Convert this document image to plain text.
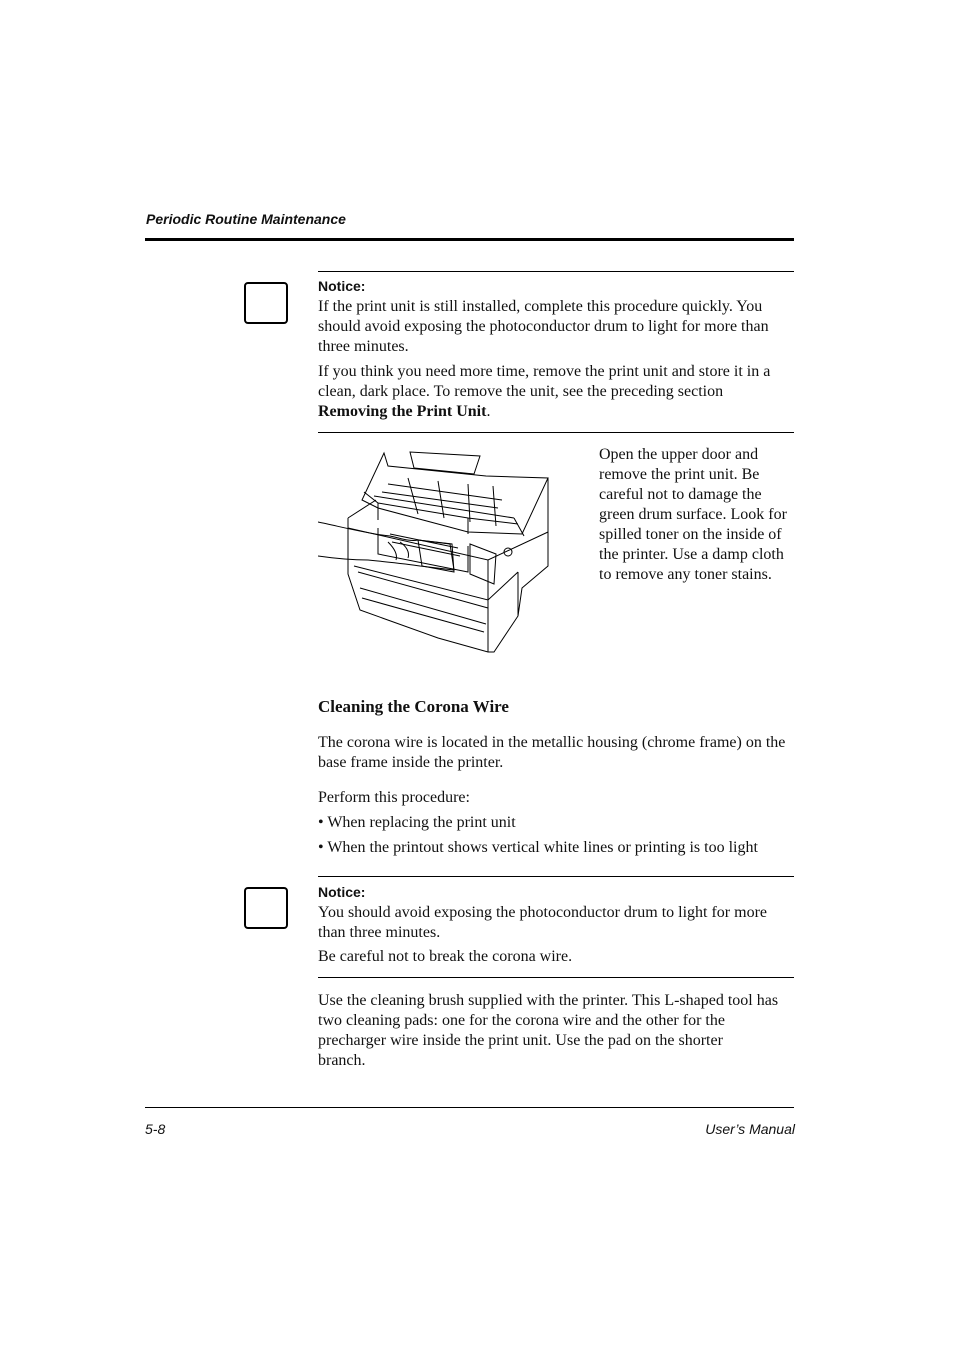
Periodic Routine Maintenance
Notice:
If the print unit is still installed, complete this procedure quickly. You
should avoid exposing the photoconductor drum to light for more than
three minutes.
If you think you need more time, remove the print unit and store it in a
clean, dark place. To remove the unit, see the preceding section
Removing the Print Unit.
Open the upper door and
remove the print unit. Be
careful not to damage the
green drum surface. Look for
spilled toner on the inside of
the printer. Use a damp cloth
to remove any toner stains.
Cleaning the Corona Wire
The corona wire is located in the metallic housing (chrome frame) on the
base frame inside the printer.
Perform this procedure:
• When replacing the print unit
• When the printout shows vertical white lines or printing is too light
Notice:
You should avoid exposing the photoconductor drum to light for more
than three minutes.
Be careful not to break the corona wire.
Use the cleaning brush supplied with the printer. This L-shaped tool has
two cleaning pads: one for the corona wire and the other for the
precharger wire inside the print unit. Use the pad on the shorter
branch.
5-8	User’s Manual
